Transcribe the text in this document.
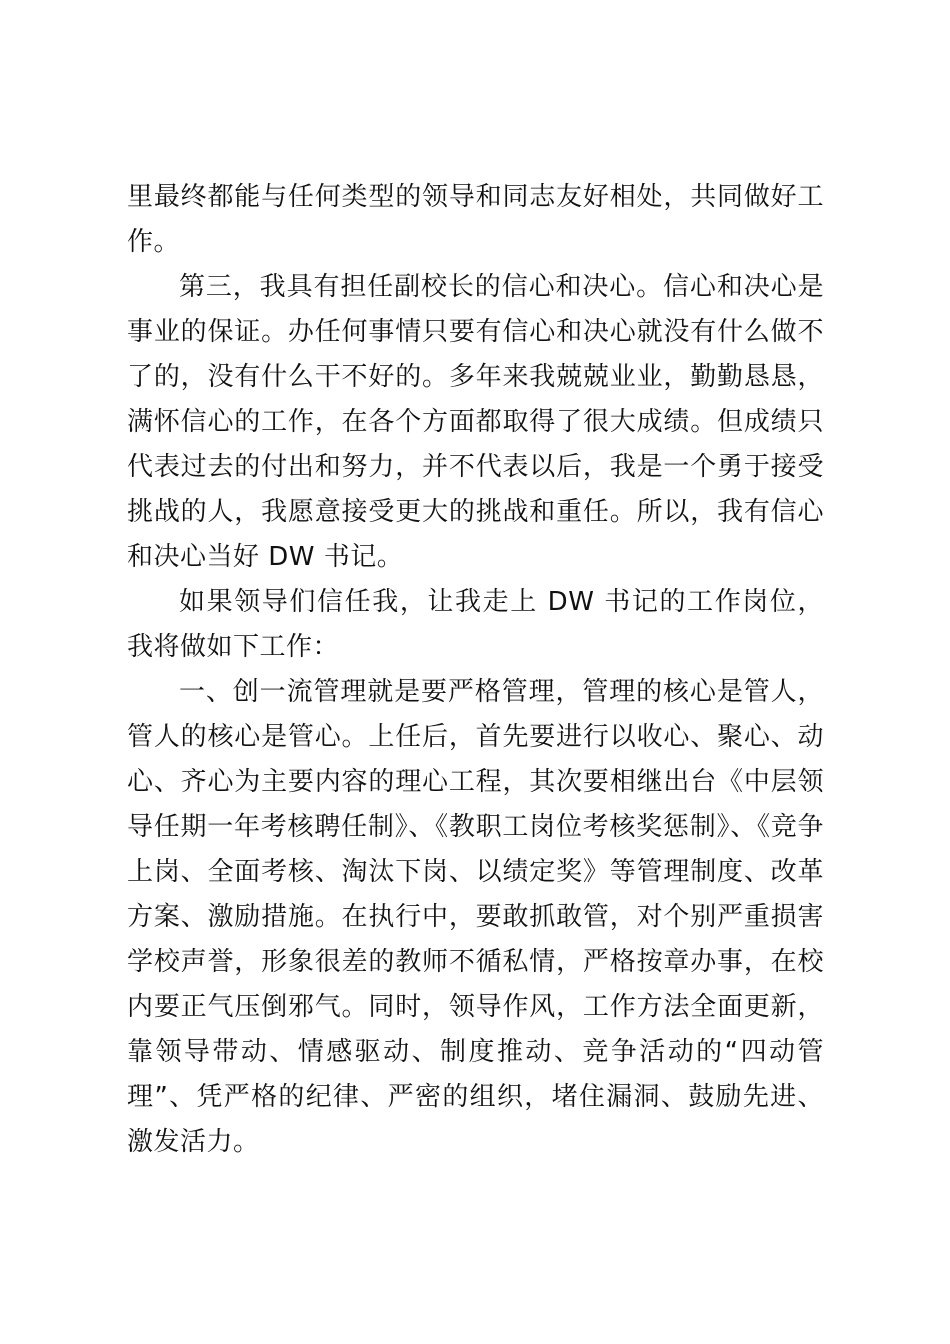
里最终都能与任何类型的领导和同志友好相处，共同做好工作。

第三，我具有担任副校长的信心和决心。信心和决心是事业的保证。办任何事情只要有信心和决心就没有什么做不了的，没有什么干不好的。多年来我兢兢业业，勤勤恳恳，满怀信心的工作，在各个方面都取得了很大成绩。但成绩只代表过去的付出和努力，并不代表以后，我是一个勇于接受挑战的人，我愿意接受更大的挑战和重任。所以，我有信心和决心当好 DW 书记。

如果领导们信任我，让我走上 DW 书记的工作岗位，我将做如下工作：

一、创一流管理就是要严格管理，管理的核心是管人，管人的核心是管心。上任后，首先要进行以收心、聚心、动心、齐心为主要内容的理心工程，其次要相继出台《中层领导任期一年考核聘任制》、《教职工岗位考核奖惩制》、《竞争上岗、全面考核、淘汰下岗、以绩定奖》等管理制度、改革方案、激励措施。在执行中，要敢抓敢管，对个别严重损害学校声誉，形象很差的教师不循私情，严格按章办事，在校内要正气压倒邪气。同时，领导作风，工作方法全面更新，靠领导带动、情感驱动、制度推动、竞争活动的“四动管理”、凭严格的纪律、严密的组织，堵住漏洞、鼓励先进、激发活力。
